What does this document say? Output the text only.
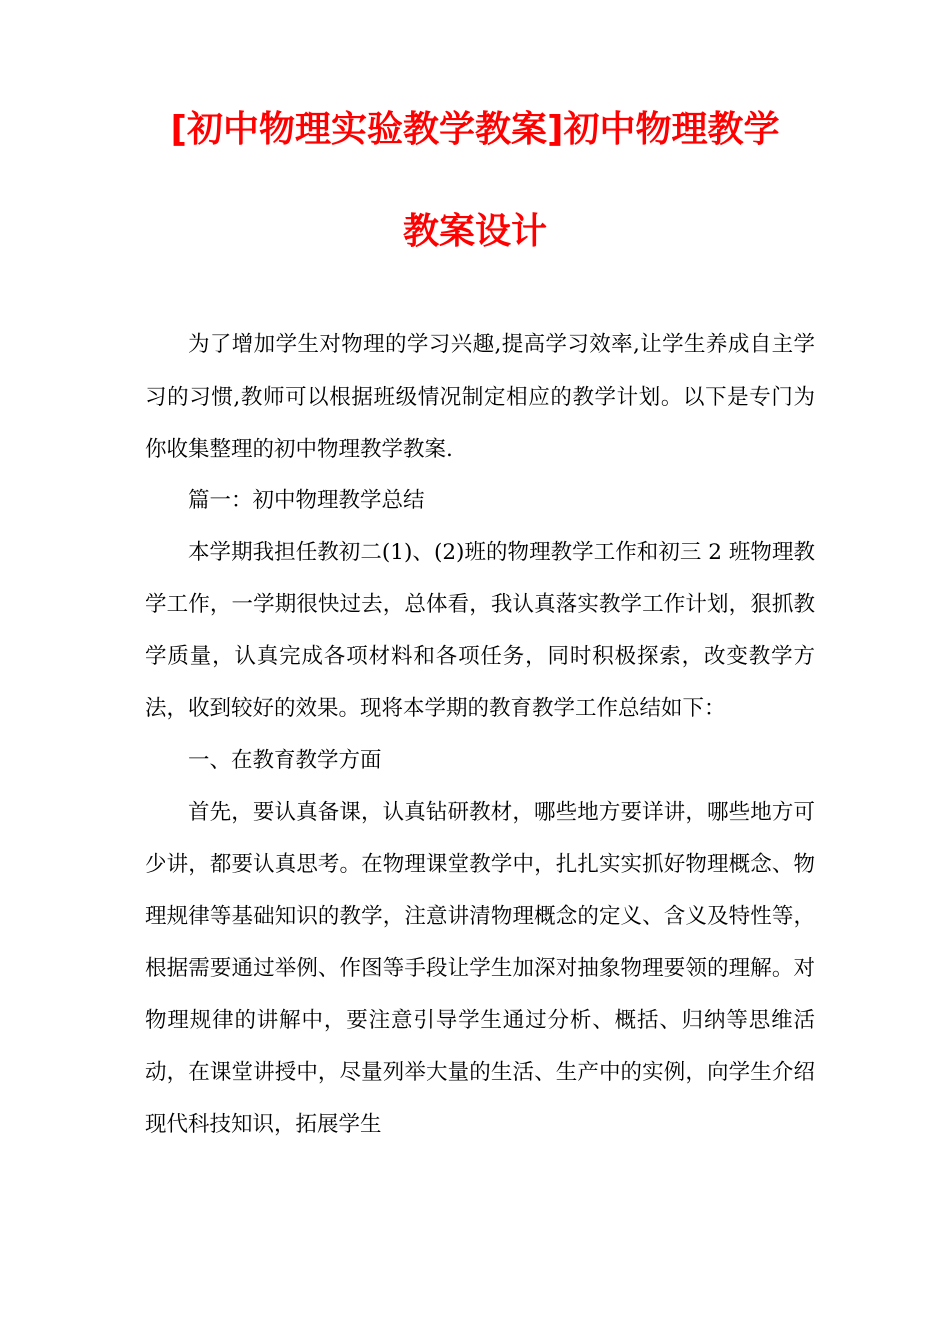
[初中物理实验教学教案]初中物理教学
教案设计

为了增加学生对物理的学习兴趣,提高学习效率,让学生养成自主学习的习惯,教师可以根据班级情况制定相应的教学计划。以下是专门为你收集整理的初中物理教学教案.

篇一：初中物理教学总结

本学期我担任教初二(1)、(2)班的物理教学工作和初三 2 班物理教学工作，一学期很快过去，总体看，我认真落实教学工作计划，狠抓教学质量，认真完成各项材料和各项任务，同时积极探索，改变教学方法，收到较好的效果。现将本学期的教育教学工作总结如下：

一、在教育教学方面

首先，要认真备课，认真钻研教材，哪些地方要详讲，哪些地方可少讲，都要认真思考。在物理课堂教学中，扎扎实实抓好物理概念、物理规律等基础知识的教学，注意讲清物理概念的定义、含义及特性等，根据需要通过举例、作图等手段让学生加深对抽象物理要领的理解。对物理规律的讲解中，要注意引导学生通过分析、概括、归纳等思维活动，在课堂讲授中，尽量列举大量的生活、生产中的实例，向学生介绍现代科技知识，拓展学生
